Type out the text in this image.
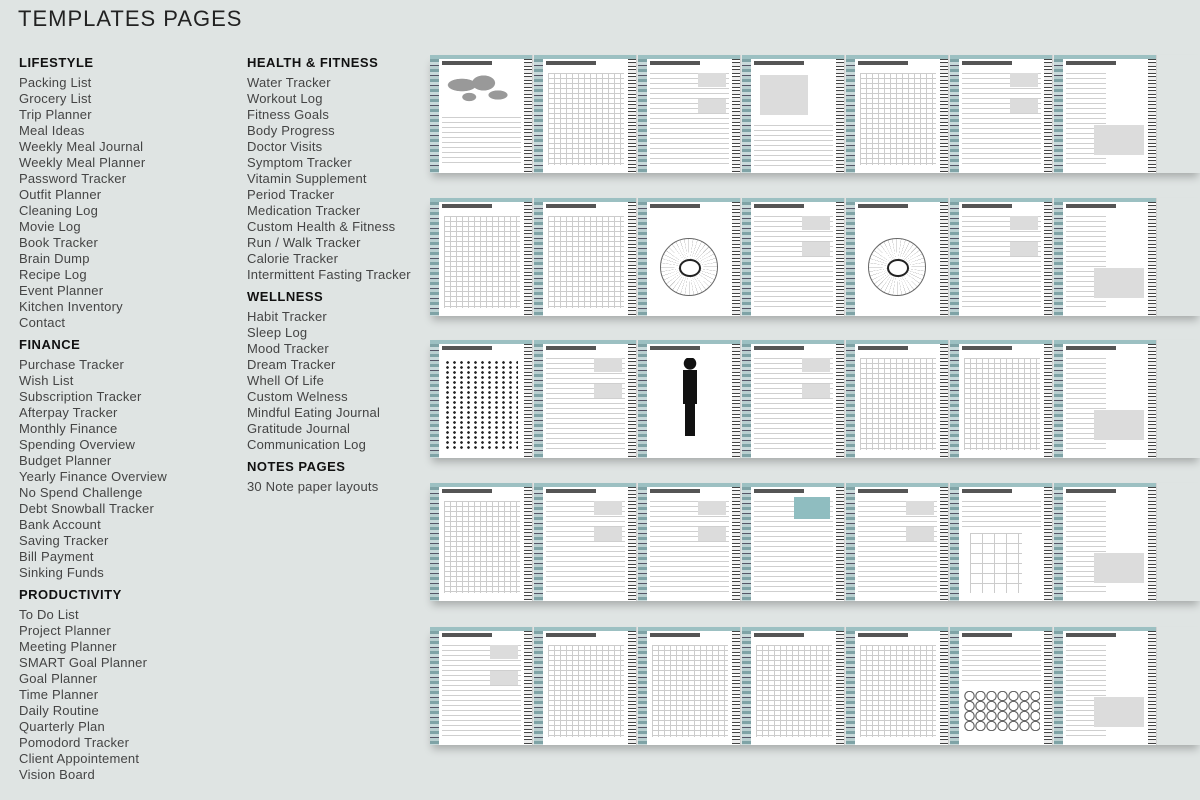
TEMPLATES PAGES
LIFESTYLE
Packing List
Grocery List
Trip Planner
Meal Ideas
Weekly Meal Journal
Weekly Meal Planner
Password Tracker
Outfit Planner
Cleaning Log
Movie Log
Book Tracker
Brain Dump
Recipe Log
Event Planner
Kitchen Inventory
Contact
FINANCE
Purchase Tracker
Wish List
Subscription Tracker
Afterpay Tracker
Monthly Finance
Spending Overview
Budget Planner
Yearly Finance Overview
No Spend Challenge
Debt Snowball Tracker
Bank Account
Saving Tracker
Bill Payment
Sinking Funds
PRODUCTIVITY
To Do List
Project Planner
Meeting Planner
SMART Goal Planner
Goal Planner
Time Planner
Daily Routine
Quarterly Plan
Pomodord Tracker
Client Appointement
Vision Board
HEALTH & FITNESS
Water Tracker
Workout Log
Fitness Goals
Body Progress
Doctor Visits
Symptom Tracker
Vitamin Supplement
Period Tracker
Medication Tracker
Custom Health & Fitness
Run / Walk Tracker
Calorie Tracker
Intermittent Fasting Tracker
WELLNESS
Habit Tracker
Sleep Log
Mood Tracker
Dream Tracker
Whell Of Life
Custom Welness
Mindful Eating Journal
Gratitude Journal
Communication Log
NOTES PAGES
30 Note paper layouts
